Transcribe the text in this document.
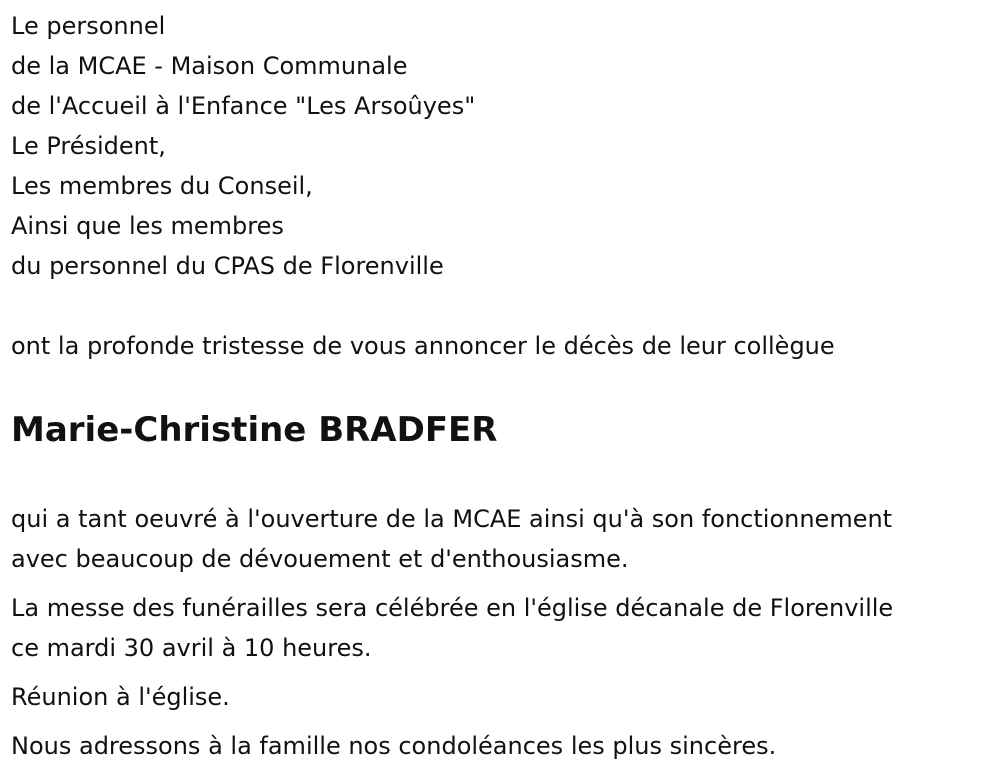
Le personnel
de la MCAE - Maison Communale
de l'Accueil à l'Enfance "Les Arsoûyes"
Le Président,
Les membres du Conseil,
Ainsi que les membres
du personnel du CPAS de Florenville
ont la profonde tristesse de vous annoncer le décès de leur collègue
Marie-Christine BRADFER
qui a tant oeuvré à l'ouverture de la MCAE ainsi qu'à son fonctionnement
avec beaucoup de dévouement et d'enthousiasme.
La messe des funérailles sera célébrée en l'église décanale de Florenville
ce mardi 30 avril à 10 heures.
Réunion à l'église.
Nous adressons à la famille nos condoléances les plus sincères.
